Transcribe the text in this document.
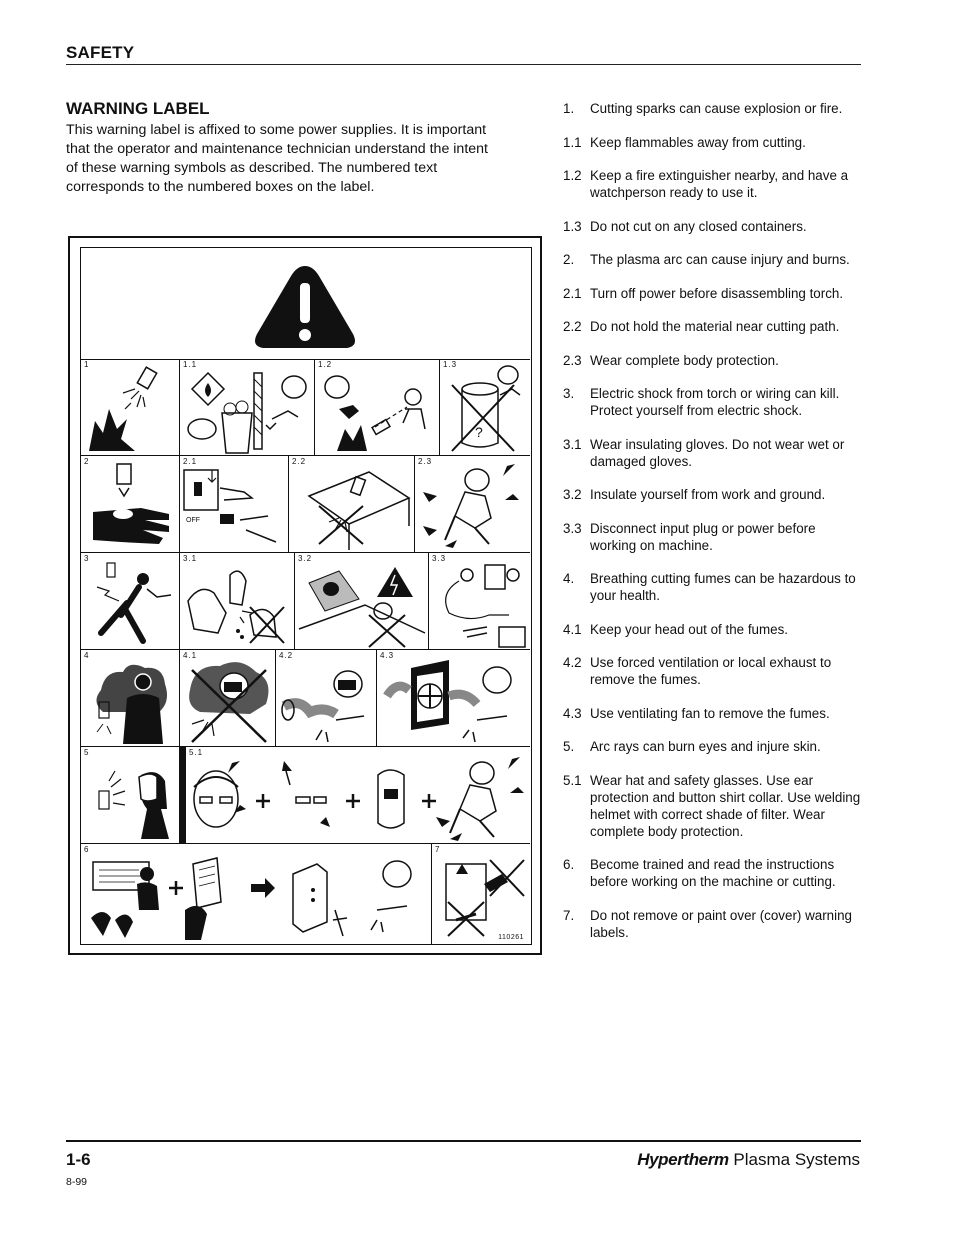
SAFETY
WARNING LABEL
This warning label is affixed to some power supplies. It is important that the operator and maintenance technician understand the intent of these warning symbols as described. The numbered text corresponds to the numbered boxes on the label.
1	1.1	1.2	1.3
?
2	2.1
OFF
2.2	2.3
3	3.1	3.2	3.3
4	4.1	4.2	4.3
5	5.1
6	7
110261
1. Cutting sparks can cause explosion or fire.
1.1 Keep flammables away from cutting.
1.2 Keep a fire extinguisher nearby, and have a watchperson ready to use it.
1.3 Do not cut on any closed containers.
2. The plasma arc can cause injury and burns.
2.1 Turn off power before disassembling torch.
2.2 Do not hold the material near cutting path.
2.3 Wear complete body protection.
3. Electric shock from torch or wiring can kill. Protect yourself from electric shock.
3.1 Wear insulating gloves. Do not wear wet or damaged gloves.
3.2 Insulate yourself from work and ground.
3.3 Disconnect input plug or power before working on machine.
4. Breathing cutting fumes can be hazardous to your health.
4.1 Keep your head out of the fumes.
4.2 Use forced ventilation or local exhaust to remove the fumes.
4.3 Use ventilating fan to remove the fumes.
5. Arc rays can burn eyes and injure skin.
5.1 Wear hat and safety glasses. Use ear protection and button shirt collar. Use welding helmet with correct shade of filter. Wear complete body protection.
6. Become trained and read the instructions before working on the machine or cutting.
7. Do not remove or paint over (cover) warning labels.
1-6
8-99
Hypertherm Plasma Systems
